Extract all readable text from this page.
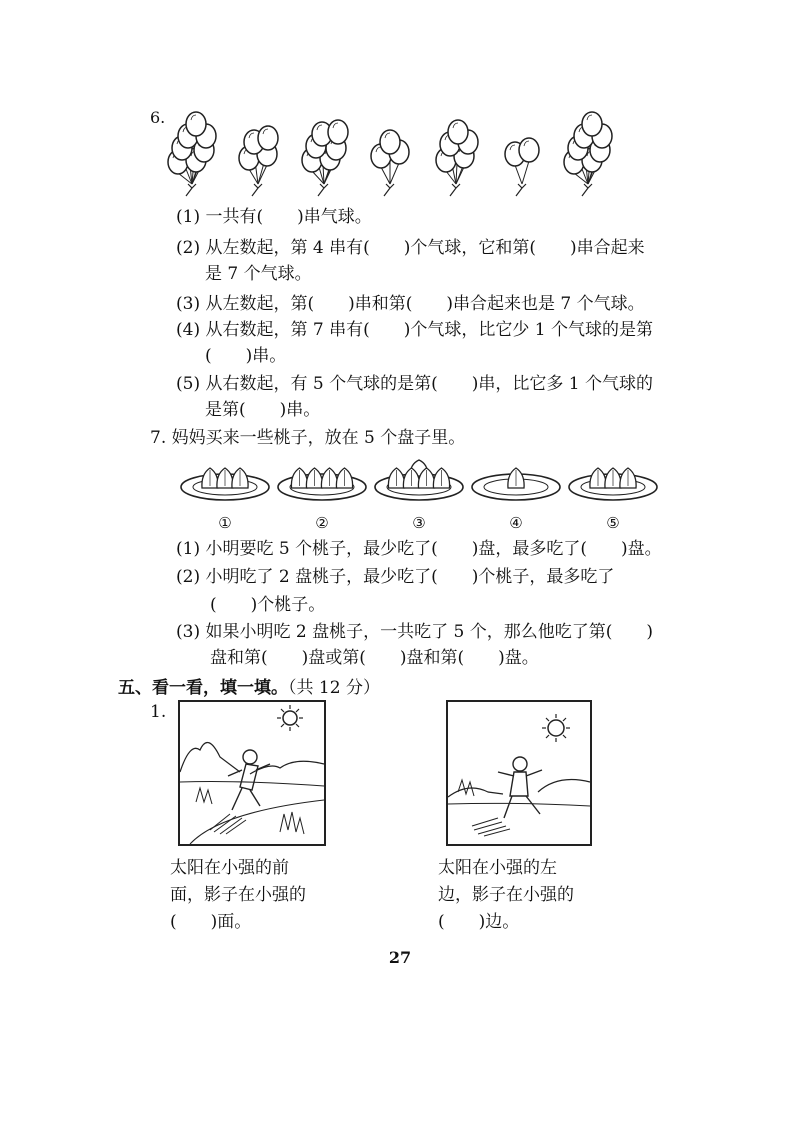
6.
(1) 一共有(　　)串气球。
(2) 从左数起，第 4 串有(　　)个气球，它和第(　　)串合起来
是 7 个气球。
(3) 从左数起，第(　　)串和第(　　)串合起来也是 7 个气球。
(4) 从右数起，第 7 串有(　　)个气球，比它少 1 个气球的是第
(　　)串。
(5) 从右数起，有 5 个气球的是第(　　)串，比它多 1 个气球的
是第(　　)串。
7. 妈妈买来一些桃子，放在 5 个盘子里。
①	②	③	④	⑤
(1) 小明要吃 5 个桃子，最少吃了(　　)盘，最多吃了(　　)盘。
(2) 小明吃了 2 盘桃子，最少吃了(　　)个桃子，最多吃了
(　　)个桃子。
(3) 如果小明吃 2 盘桃子，一共吃了 5 个，那么他吃了第(　　)
盘和第(　　)盘或第(　　)盘和第(　　)盘。
五、看一看，填一填。（共 12 分）
1.
太阳在小强的前
面，影子在小强的
(　　)面。
太阳在小强的左
边，影子在小强的
(　　)边。
27
